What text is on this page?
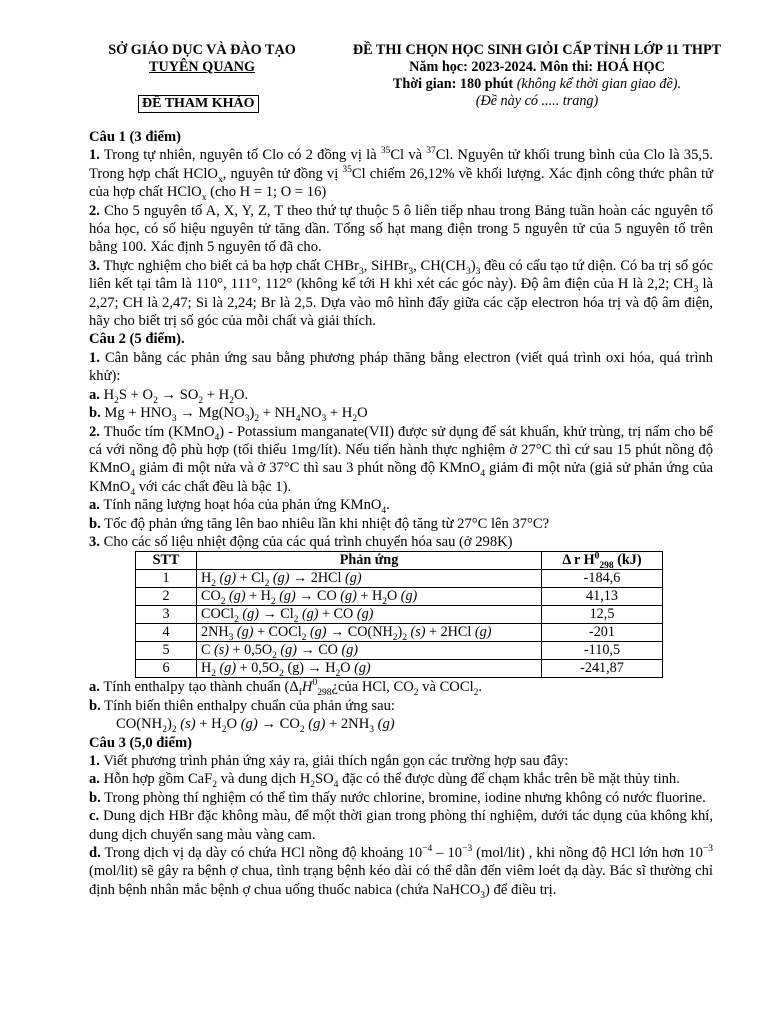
SỞ GIÁO DỤC VÀ ĐÀO TẠO
TUYÊN QUANG
ĐỀ THI CHỌN HỌC SINH GIỎI CẤP TỈNH LỚP 11 THPT
Năm học: 2023-2024. Môn thi: HOÁ HỌC
Thời gian: 180 phút (không kể thời gian giao đề).
(Đề này có ..... trang)
ĐỀ THAM KHẢO

Câu 1 (3 điểm)

1. Trong tự nhiên, nguyên tố Clo có 2 đồng vị là $^{35}$Cl và $^{37}$Cl. Nguyên tử khối trung bình của Clo là 35,5. Trong hợp chất HClO$_x$, nguyên tử đồng vị $^{35}$Cl chiếm 26,12% về khối lượng. Xác định công thức phân tử của hợp chất HClO$_x$ (cho H = 1; O = 16)

2. Cho 5 nguyên tố A, X, Y, Z, T theo thứ tự thuộc 5 ô liên tiếp nhau trong Bảng tuần hoàn các nguyên tố hóa học, có số hiệu nguyên tử tăng dần. Tổng số hạt mang điện trong 5 nguyên tử của 5 nguyên tố trên bằng 100. Xác định 5 nguyên tố đã cho.

3. Thực nghiệm cho biết cả ba hợp chất CHBr$_3$, SiHBr$_3$, $CH(CH_3)_3$ đều có cấu tạo tứ diện. Có ba trị số góc liên kết tại tâm là 110°, 111°, 112° (không kể tới H khi xét các góc này). Độ âm điện của H là 2,2; $CH_3$ là 2,27; CH là 2,47; Si là 2,24; Br là 2,5. Dựa vào mô hình đẩy giữa các cặp electron hóa trị và độ âm điện, hãy cho biết trị số góc của mỗi chất và giải thích.

Câu 2 (5 điểm).

1. Cân bằng các phản ứng sau bằng phương pháp thăng bằng electron (viết quá trình oxi hóa, quá trình khử):

a. $H_2S + O_2 \to SO_2 + H_2O$.

b. $Mg + HNO_3 \to Mg(NO_3)_2 + NH_4NO_3 + H_2O$

2. Thuốc tím (KMnO$_4$) - Potassium manganate(VII) được sử dụng để sát khuẩn, khử trùng, trị nấm cho bể cá với nồng độ phù hợp (tối thiểu 1mg/lít). Nếu tiến hành thực nghiệm ở 27°C thì cứ sau 15 phút nồng độ KMnO$_4$ giảm đi một nửa và ở 37°C thì sau 3 phút nồng độ KMnO$_4$ giảm đi một nửa (giả sử phản ứng của KMnO$_4$ với các chất đều là bậc 1).

a. Tính năng lượng hoạt hóa của phản ứng KMnO$_4$.

b. Tốc độ phản ứng tăng lên bao nhiêu lần khi nhiệt độ tăng từ 27°C lên 37°C?

3. Cho các số liệu nhiệt động của các quá trình chuyển hóa sau (ở 298K)

STT	Phản ứng	Δ r $H^0_{298}$ (kJ)
1	$H_2$ $(g) + Cl_2$ (g) → 2HCl (g)	-184,6
2	$CO_2$ $(g) + H_2$ (g) → CO $(g) + H_2O$ (g)	41,13
3	COCl$_2$ $(g) \to Cl_2$ (g) + CO (g)	12,5
4	$2NH_3$ (g) + COCl$_2$ $(g) \to CO(NH_2)_2$ (s) + 2HCl (g)	-201
5	C $(s) + 0,5O_2$ (g) → CO (g)	-110,5
6	$H_2$ $(g) + 0,5O_2$ $(g) \to H_2O$ (g)	-241,87

a. Tính enthalpy tạo thành chuẩn ($\Delta_fH^0_{298}¿của$ HCl, $CO_2$ và COCl$_2$.

b. Tính biến thiên enthalpy chuẩn của phản ứng sau:

$CO(NH_2)_2$ $(s) + H_2O$ $(g) \to CO_2$ $(g) + 2NH_3$ (g)

Câu 3 (5,0 điểm)

1. Viết phương trình phản ứng xảy ra, giải thích ngắn gọn các trường hợp sau đây:

a. Hỗn hợp gồm CaF$_2$ và dung dịch $H_2SO_4$ đặc có thể được dùng để chạm khắc trên bề mặt thủy tinh.

b. Trong phòng thí nghiệm có thể tìm thấy nước chlorine, bromine, iodine nhưng không có nước fluorine.

c. Dung dịch HBr đặc không màu, để một thời gian trong phòng thí nghiệm, dưới tác dụng của không khí, dung dịch chuyển sang màu vàng cam.

d. Trong dịch vị dạ dày có chứa HCl nồng độ khoảng $10^{-4} - 10^{-3}$ (mol/lit) , khi nồng độ HCl lớn hơn $10^{-3}$ (mol/lit) sẽ gây ra bệnh ợ chua, tình trạng bệnh kéo dài có thể dẫn đến viêm loét dạ dày. Bác sĩ thường chỉ định bệnh nhân mắc bệnh ợ chua uống thuốc nabica (chứa NaHCO$_3$) để điều trị.
